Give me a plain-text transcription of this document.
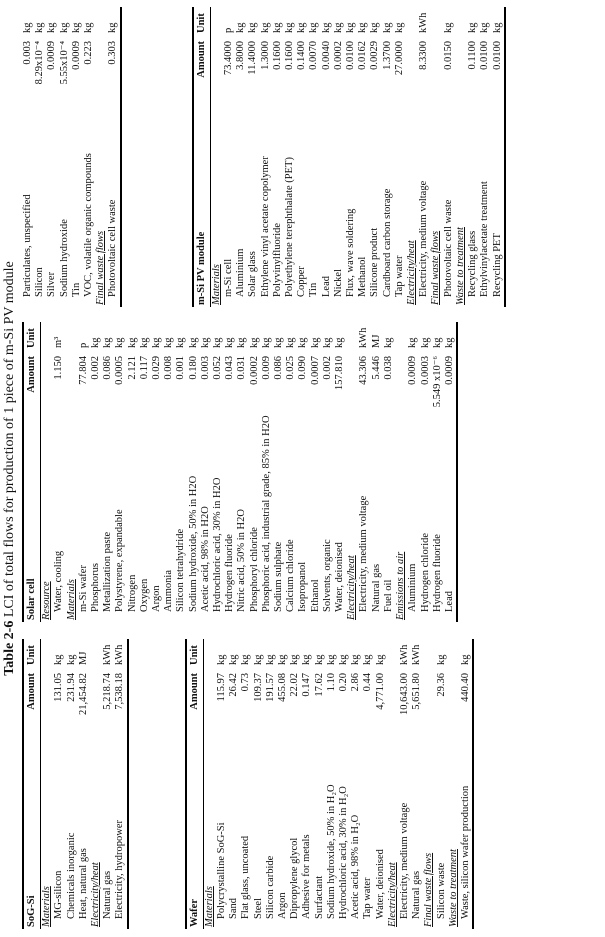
Table 2-6 LCI of total flows for production of 1 piece of m-Si PV module
SoG-Si	Amount	Unit
Materials		
MG-silicon	131.05	kg
Chemicals inorganic	231.94	kg
Heat, natural gas	21,454.82	MJ
Electricity/heat		
Natural gas	5,218.74	kWh
Electricity, hydropower	7,538.18	kWh
Wafer	Amount	Unit
Materials		
Polycrystalline SoG-Si	115.97	kg
Sand	26.42	kg
Flat glass, uncoated	0.73	kg
Steel	109.37	kg
Silicon carbide	191.57	kg
Argon	455.08	kg
Dipropylene glycol	22.02	kg
Adhesive for metals	0.147	kg
Surfactant	17.62	kg
Sodium hydroxide, 50% in H₂O	1.10	kg
Hydrochloric acid, 30% in H₂O	0.20	kg
Acetic acid, 98% in H₂O	2.86	kg
Tap water	0.44	kg
Water, deionised	4,771.00	kg
Electricity/heat		
Electricity, medium voltage	10,643.00	kWh
Natural gas	5,651.80	kWh
Final waste flows		
Silicon waste	29.36	kg
Waste to treatment		
Waste, silicon wafer production	440.40	kg
Solar cell	Amount	Unit
Resource		
Water, cooling	1.150	m³
Materials		
m-Si wafer	77.804	p
Phosphorus	0.002	kg
Metallization paste	0.086	kg
Polystyrene, expandable	0.0005	kg
Nitrogen	2.121	kg
Oxygen	0.117	kg
Argon	0.029	kg
Ammonia	0.008	kg
Silicon tetrahydride	0.001	kg
Sodium hydroxide, 50% in H2O	0.180	kg
Acetic acid, 98% in H2O	0.003	kg
Hydrochloric acid, 30% in H2O	0.052	kg
Hydrogen fluoride	0.043	kg
Nitric acid, 50% in H2O	0.031	kg
Phosphoryl chloride	0.0002	kg
Phosphoric acid, industrial grade, 85% in H2O	0.009	kg
Sodium sulphate	0.086	kg
Calcium chloride	0.025	kg
Isopropanol	0.090	kg
Ethanol	0.0007	kg
Solvents, organic	0.002	kg
Water, deionised	157.810	kg
Electricity/heat		
Electricity, medium voltage	43.306	kWh
Natural gas	5.446	MJ
Fuel oil	0.038	kg
Emissions to air		
Aluminium	0.0009	kg
Hydrogen chloride	0.0003	kg
Hydrogen fluoride	5.549 x10⁻⁶	kg
Lead	0.0009	kg
Particulates, unspecified	0.003	kg
Silicon	8.29x10⁻⁴	kg
Silver	0.0009	kg
Sodium hydroxide	5.55x10⁻⁴	kg
Tin	0.0009	kg
VOC, volatile organic compounds	0.223	kg
Final waste flows		
Photovoltaic cell waste	0.303	kg
m-Si PV module	Amount	Unit
Materials		
m-Si cell	73.4000	p
Aluminium	3.8000	kg
Solar glass	11.4000	kg
Ethylene vinyl acetate copolymer	1.3000	kg
Polyvinylfluoride	0.1600	kg
Polyethylene terephthalate (PET)	0.1600	kg
Copper	0.1400	kg
Tin	0.0070	kg
Lead	0.0040	kg
Nickel	0.0002	kg
Flux, wave soldering	0.0100	kg
Methanol	0.0162	kg
Silicone product	0.0029	kg
Cardboard carbon storage	1.3700	kg
Tap water	27.0000	kg
Electricity/heat		
Electricity, medium voltage	8.3300	kWh
Final waste flows		
Photovoltaic cell waste	0.0150	kg
Waste to treatment		
Recycling glass	0.1100	kg
Ethylvinylacetate treatment	0.0100	kg
Recycling PET	0.0100	kg
